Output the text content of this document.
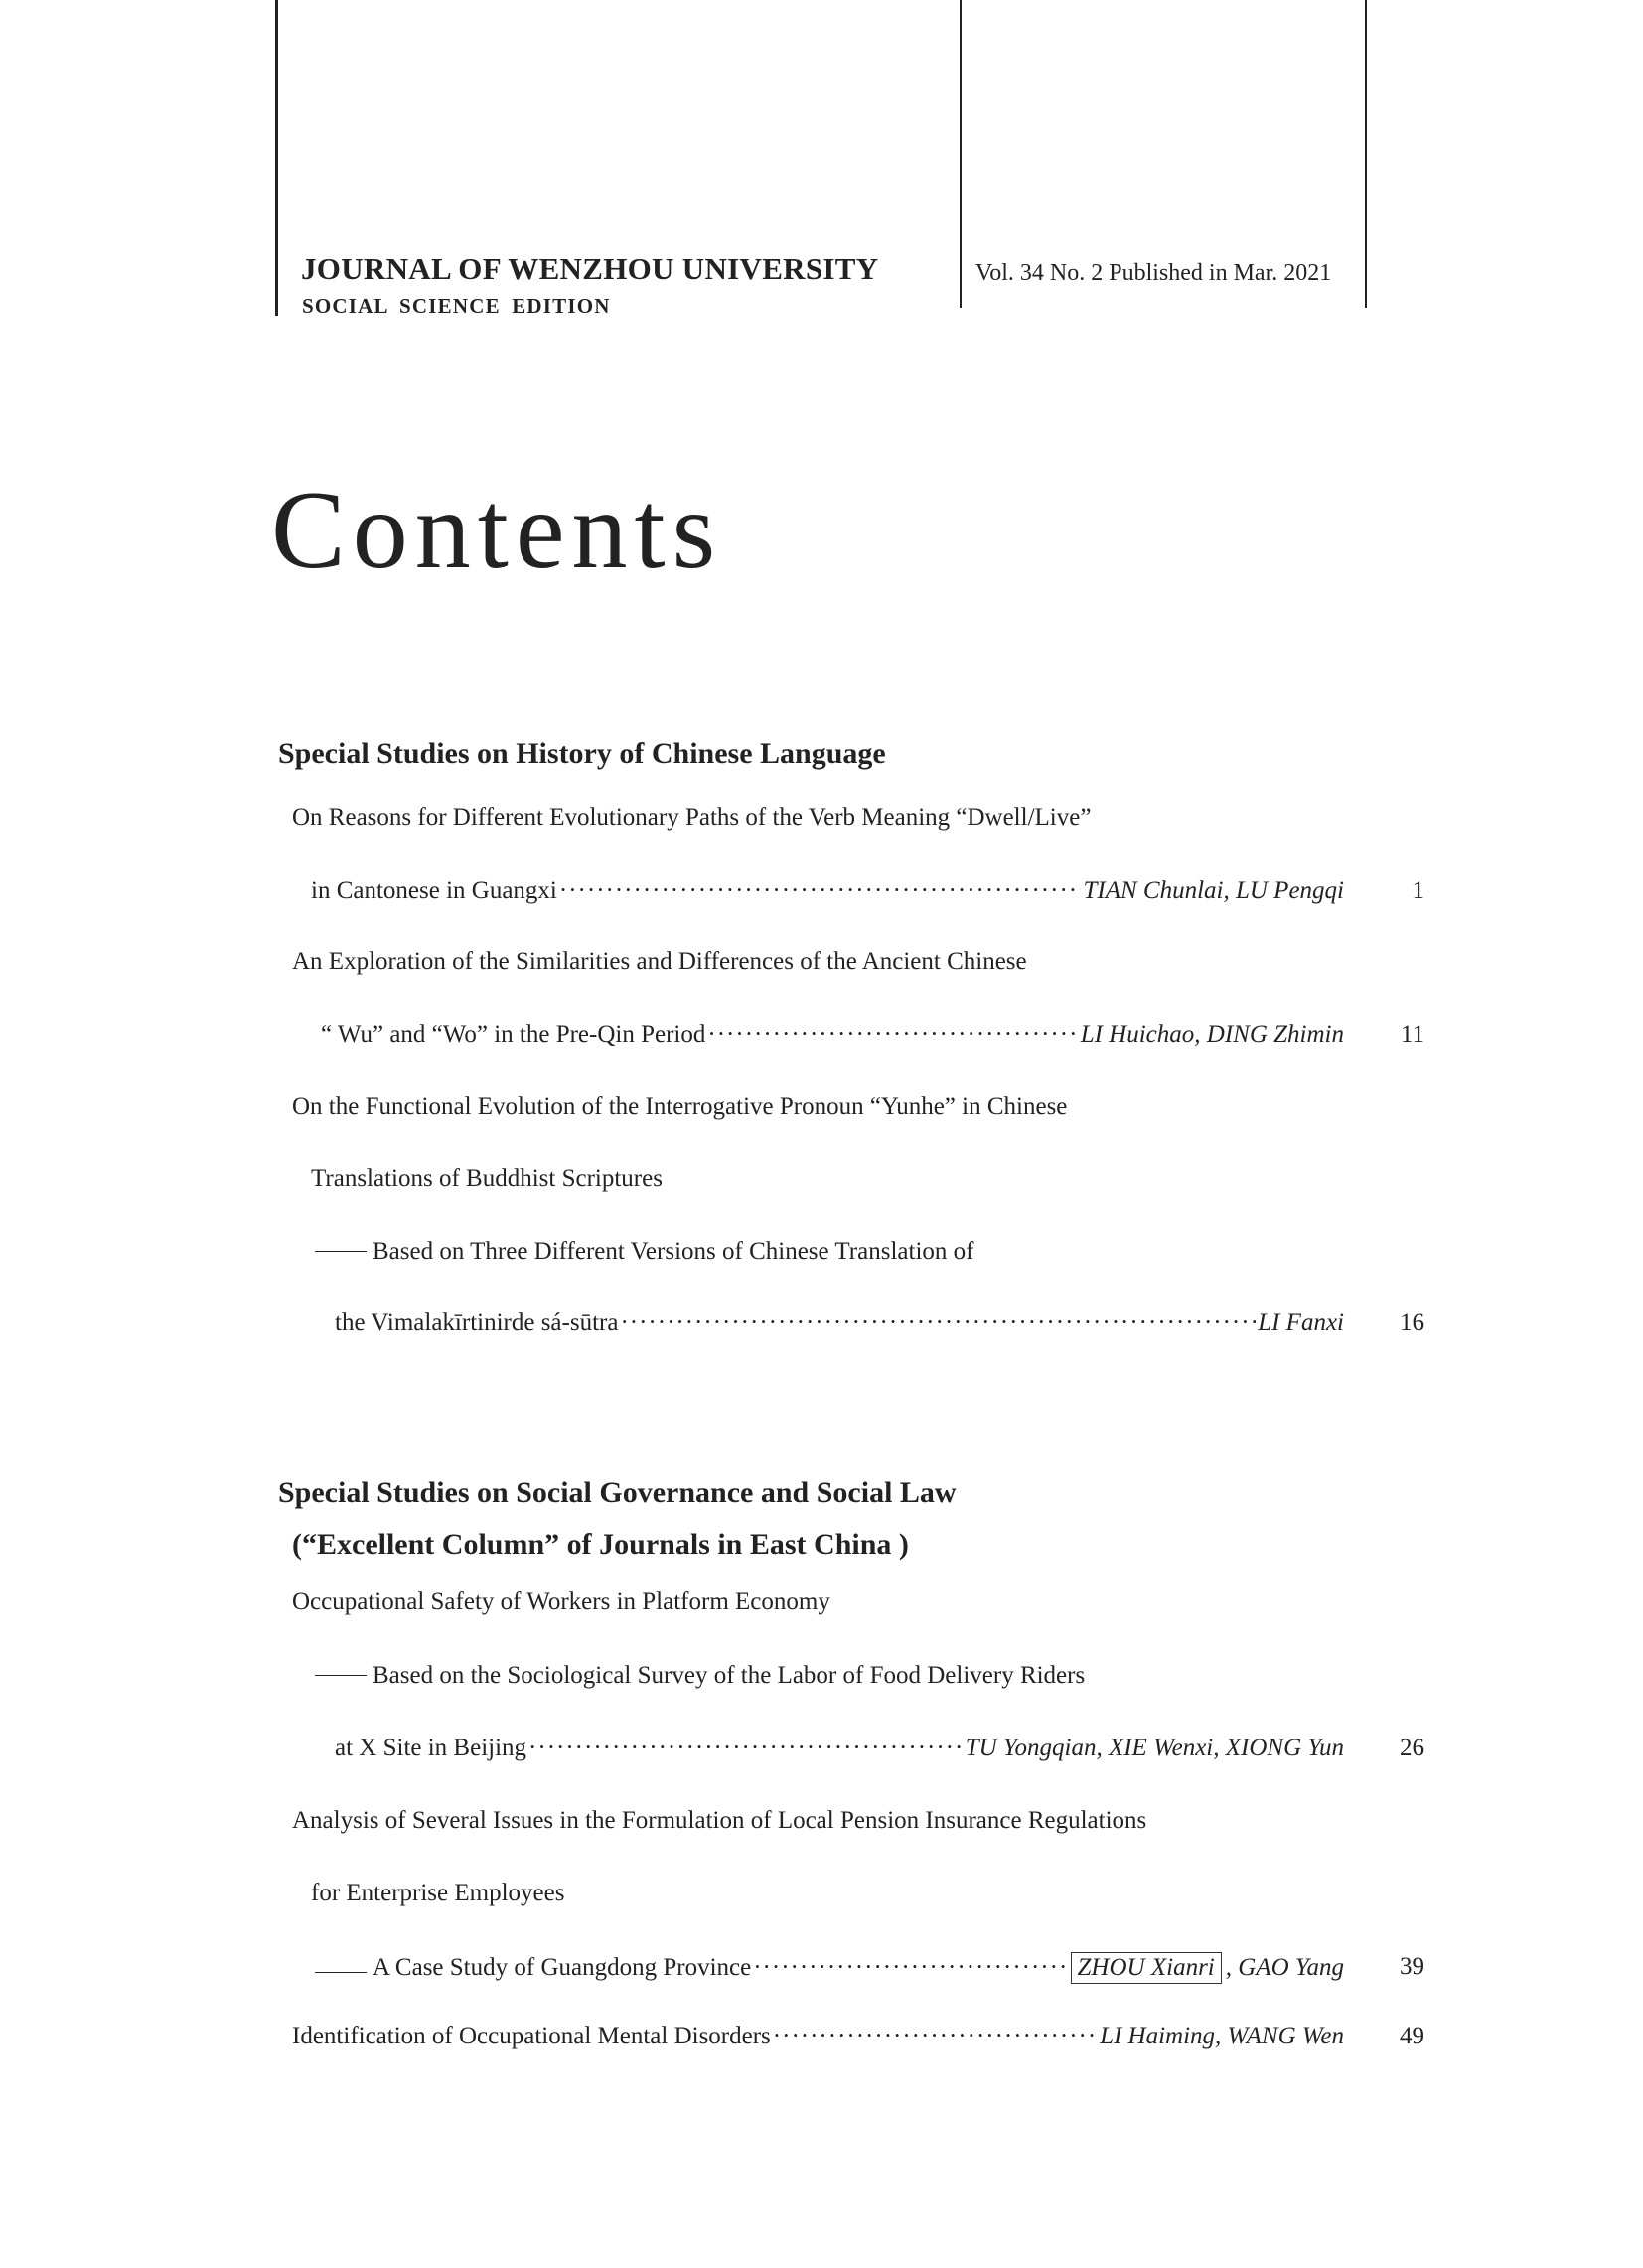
JOURNAL OF WENZHOU UNIVERSITY
SOCIAL SCIENCE EDITION
Vol. 34 No. 2 Published in Mar. 2021
Contents
Special Studies on History of Chinese Language
On Reasons for Different Evolutionary Paths of the Verb Meaning “Dwell/Live”
in Cantonese in Guangxi ·····	TIAN Chunlai, LU Pengqi	1
An Exploration of the Similarities and Differences of the Ancient Chinese
“ Wu” and “Wo” in the Pre-Qin Period ·····	LI Huichao, DING Zhimin	11
On the Functional Evolution of the Interrogative Pronoun “Yunhe” in Chinese
Translations of Buddhist Scriptures
Based on Three Different Versions of Chinese Translation of
the Vimalakīrtinirde sá-sūtra ·····	LI Fanxi	16
Special Studies on Social Governance and Social Law
(“Excellent Column” of Journals in East China )
Occupational Safety of Workers in Platform Economy
Based on the Sociological Survey of the Labor of Food Delivery Riders
at X Site in Beijing ·····	TU Yongqian, XIE Wenxi, XIONG Yun	26
Analysis of Several Issues in the Formulation of Local Pension Insurance Regulations
for Enterprise Employees
A Case Study of Guangdong Province ·····	ZHOU Xianri , GAO Yang	39
Identification of Occupational Mental Disorders ·····	LI Haiming, WANG Wen	49
